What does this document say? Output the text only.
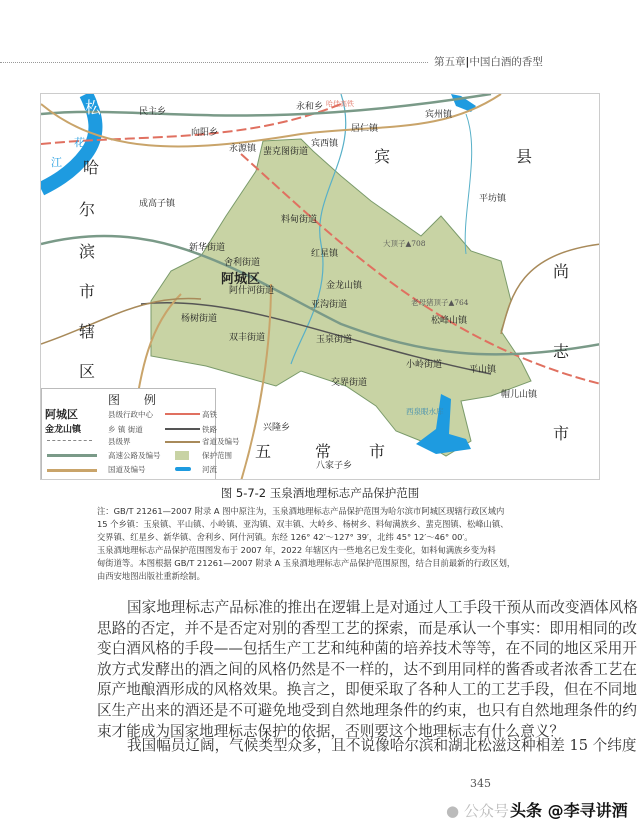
第五章|中国白酒的香型
松
花
江 哈
尔
滨
市
辖
区
宾	县
尚
志
市
五	常 市
民主乡	永和乡 哈佳高铁
宾州镇
向阳乡	居仁镇
永源镇 蜚克图街道
宾西镇
平坊镇
成高子镇
料甸街道
大顶子▲708
红星镇
新华街道
舍利街道
阿城区
阿什河街道	金龙山镇
老母猪顶子▲764
亚沟街道
松峰山镇
杨树街道
双丰街道	玉泉街道
小岭街道	平山镇
帽儿山镇
交界街道
西泉眼水库
兴隆乡
八家子乡
图 例
阿城区
金龙山镇
县级行政中心
乡 镇 街道
县级界
高速公路及编号
国道及编号
高铁
铁路
省道及编号
保护范围
河流
图 5-7-2 玉泉酒地理标志产品保护范围
注：GB/T 21261—2007 附录 A 图中原注为，玉泉酒地理标志产品保护范围为哈尔滨市阿城区现辖行政区域内
15 个乡镇：玉泉镇、平山镇、小岭镇、亚沟镇、双丰镇、大岭乡、杨树乡、料甸满族乡、蜚克图镇、松峰山镇、
交界镇、红星乡、新华镇、舍利乡、阿什河镇。东经 126° 42′～127° 39′，北纬 45° 12′～46° 00′。
玉泉酒地理标志产品保护范围图发布于 2007 年，2022 年辖区内一些地名已发生变化，如料甸满族乡变为料
甸街道等。本图根据 GB/T 21261—2007 附录 A 玉泉酒地理标志产品保护范围原图，结合目前最新的行政区划，
由西安地图出版社重新绘制。
国家地理标志产品标准的推出在逻辑上是对通过人工手段干预从而改变酒体风格
思路的否定，并不是否定对别的香型工艺的探索，而是承认一个事实：即用相同的改
变白酒风格的手段——包括生产工艺和纯种菌的培养技术等等，在不同的地区采用开
放方式发酵出的酒之间的风格仍然是不一样的，达不到用同样的酱香或者浓香工艺在
原产地酿酒形成的风格效果。换言之，即便采取了各种人工的工艺手段，但在不同地
区生产出来的酒还是不可避免地受到自然地理条件的约束，也只有自然地理条件的约
束才能成为国家地理标志保护的依据，否则要这个地理标志有什么意义？
我国幅员辽阔，气候类型众多，且不说像哈尔滨和湖北松滋这种相差 15 个纬度
345
● 公众号 头条 @李寻讲酒
